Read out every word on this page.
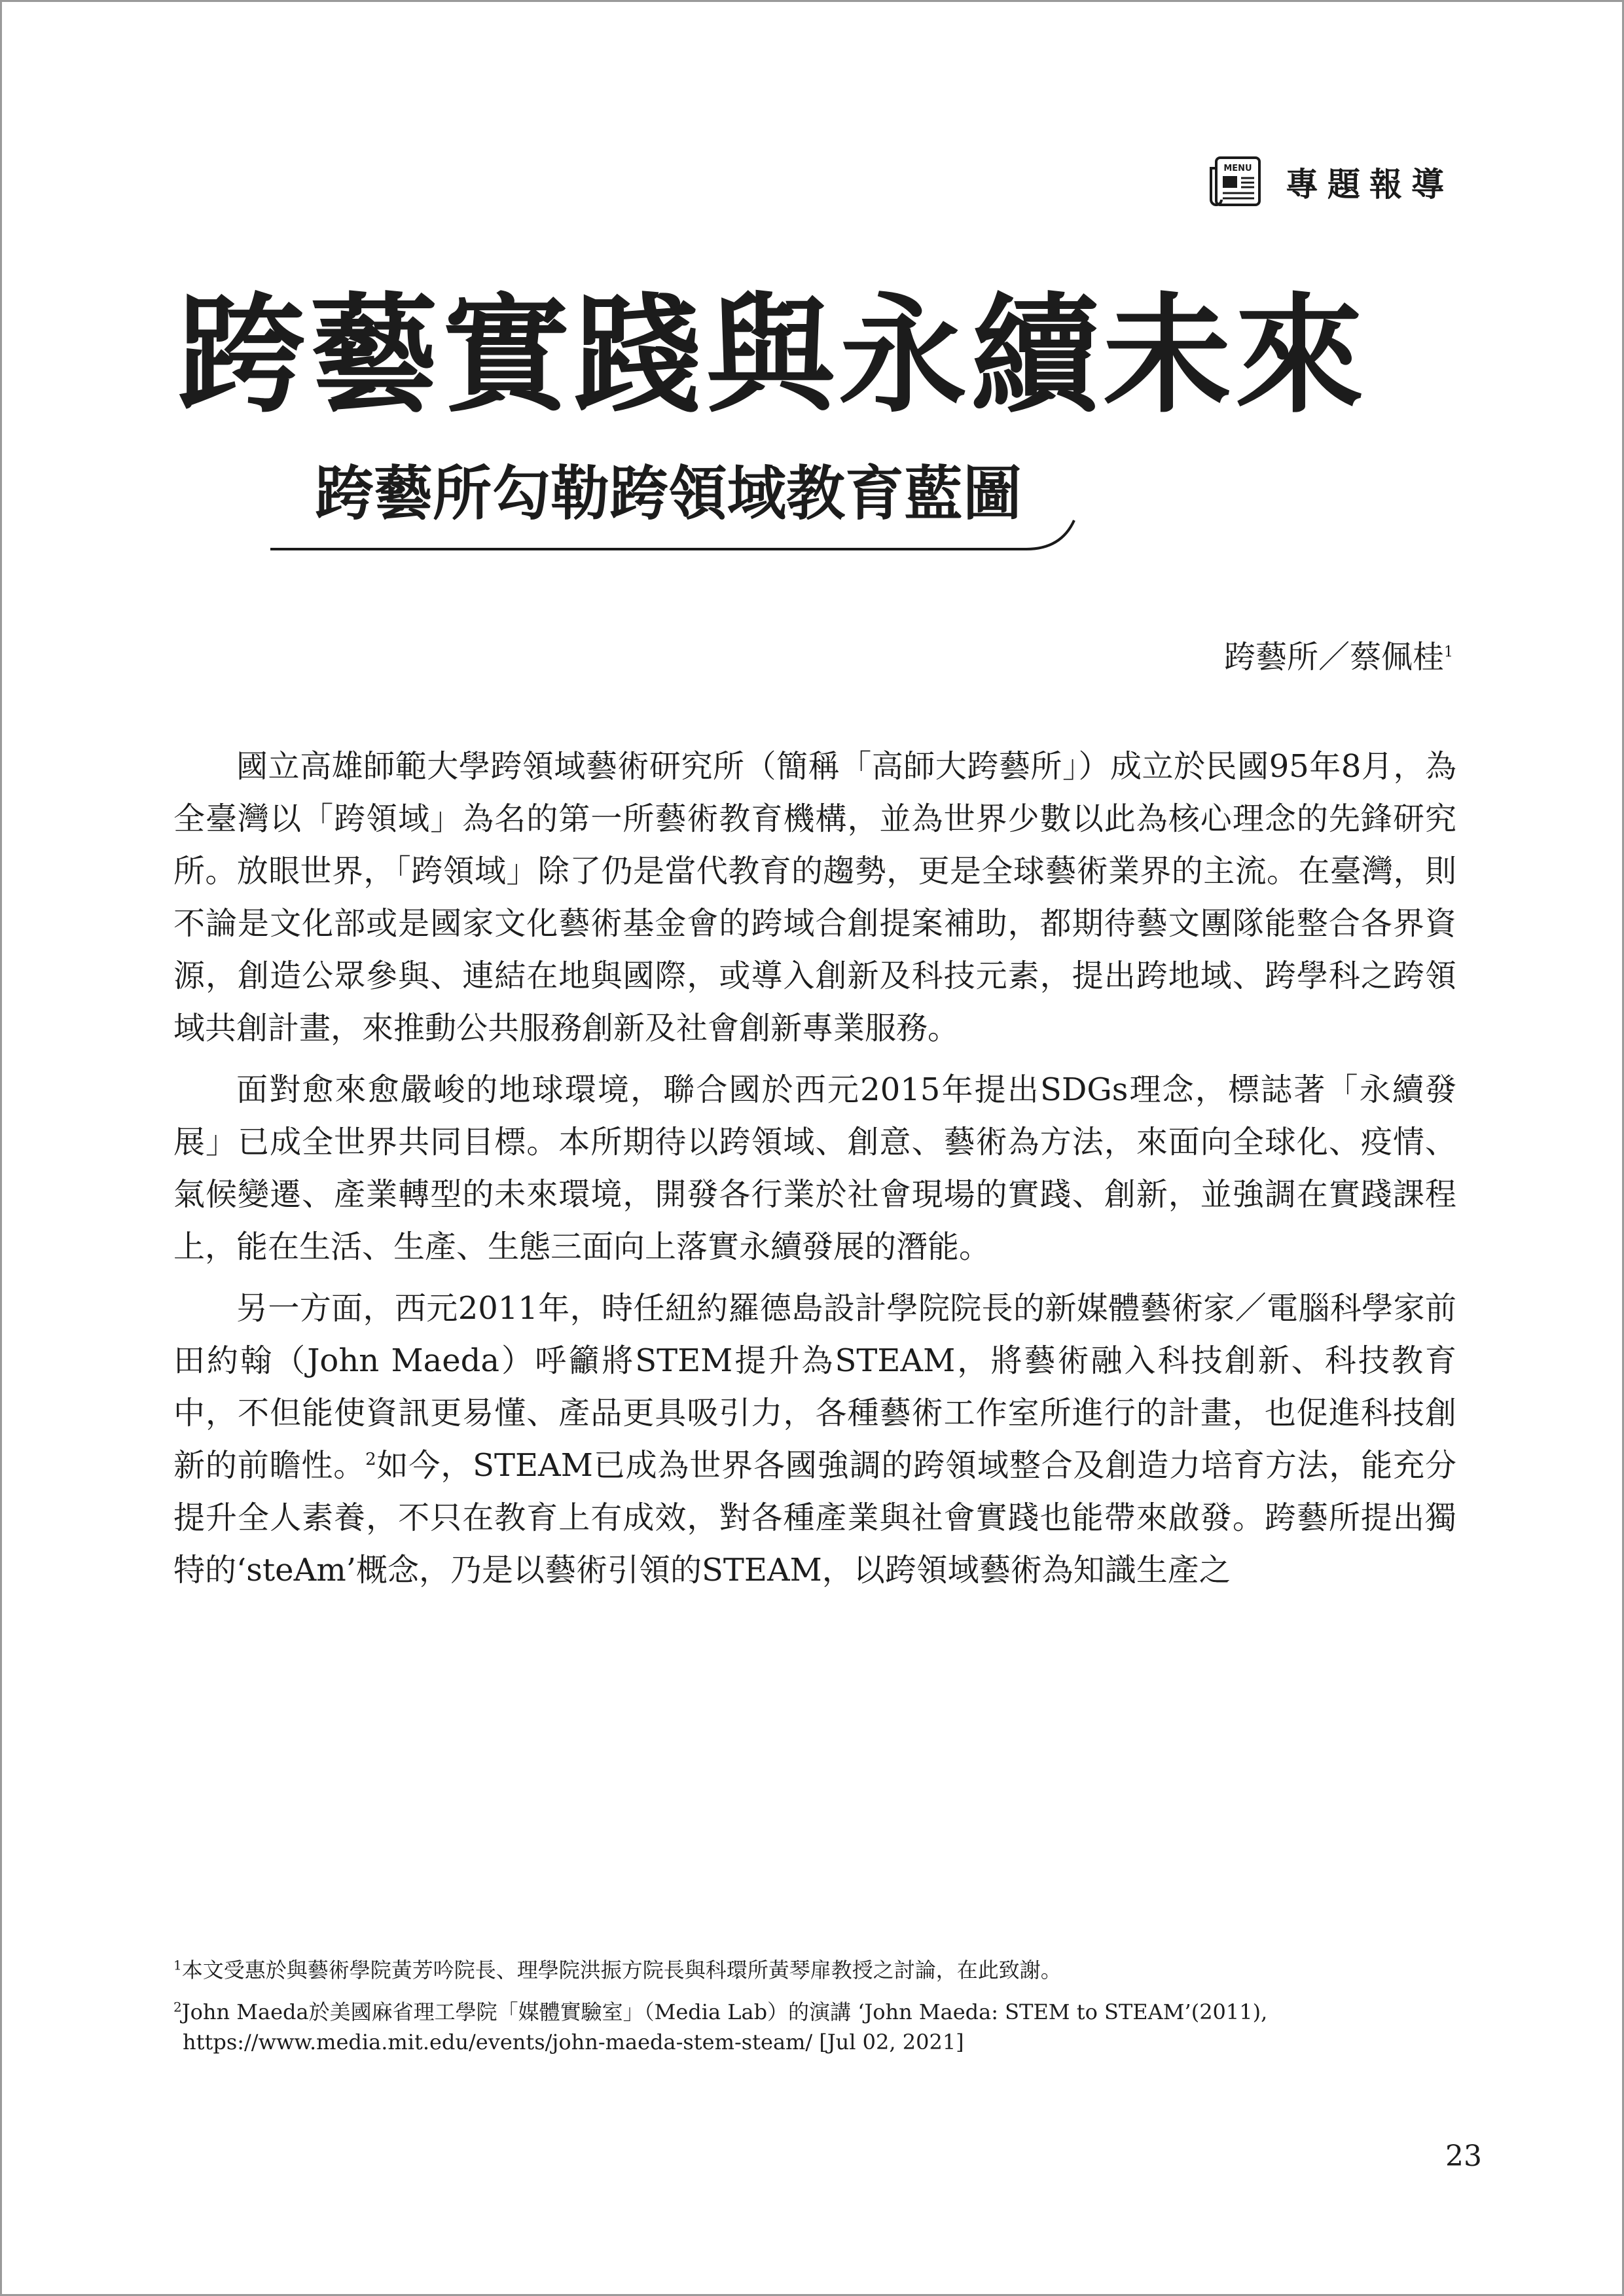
MENU 專題報導
跨藝實踐與永續未來
跨藝所勾勒跨領域教育藍圖
跨藝所／蔡佩桂$^1$

國立高雄師範大學跨領域藝術研究所（簡稱「高師大跨藝所」）成立於民國95年8月，為全臺灣以「跨領域」為名的第一所藝術教育機構，並為世界少數以此為核心理念的先鋒研究所。放眼世界，「跨領域」除了仍是當代教育的趨勢，更是全球藝術業界的主流。在臺灣，則不論是文化部或是國家文化藝術基金會的跨域合創提案補助，都期待藝文團隊能整合各界資源，創造公眾參與、連結在地與國際，或導入創新及科技元素，提出跨地域、跨學科之跨領域共創計畫，來推動公共服務創新及社會創新專業服務。

面對愈來愈嚴峻的地球環境，聯合國於西元2015年提出SDGs理念，標誌著「永續發展」已成全世界共同目標。本所期待以跨領域、創意、藝術為方法，來面向全球化、疫情、氣候變遷、產業轉型的未來環境，開發各行業於社會現場的實踐、創新，並強調在實踐課程上，能在生活、生產、生態三面向上落實永續發展的潛能。

另一方面，西元2011年，時任紐約羅德島設計學院院長的新媒體藝術家／電腦科學家前田約翰（John Maeda）呼籲將STEM提升為STEAM，將藝術融入科技創新、科技教育中，不但能使資訊更易懂、產品更具吸引力，各種藝術工作室所進行的計畫，也促進科技創新的前瞻性。$^2$如今，STEAM已成為世界各國強調的跨領域整合及創造力培育方法，能充分提升全人素養，不只在教育上有成效，對各種產業與社會實踐也能帶來啟發。跨藝所提出獨特的‘steAm’概念，乃是以藝術引領的STEAM，以跨領域藝術為知識生產之

$^1$本文受惠於與藝術學院黃芳吟院長、理學院洪振方院長與科環所黃琴扉教授之討論，在此致謝。

$^2$John Maeda於美國麻省理工學院「媒體實驗室」（Media Lab）的演講 ‘John Maeda: STEM to STEAM’(2011),
https://www.media.mit.edu/events/john-maeda-stem-steam/ [Jul 02, 2021]

23
